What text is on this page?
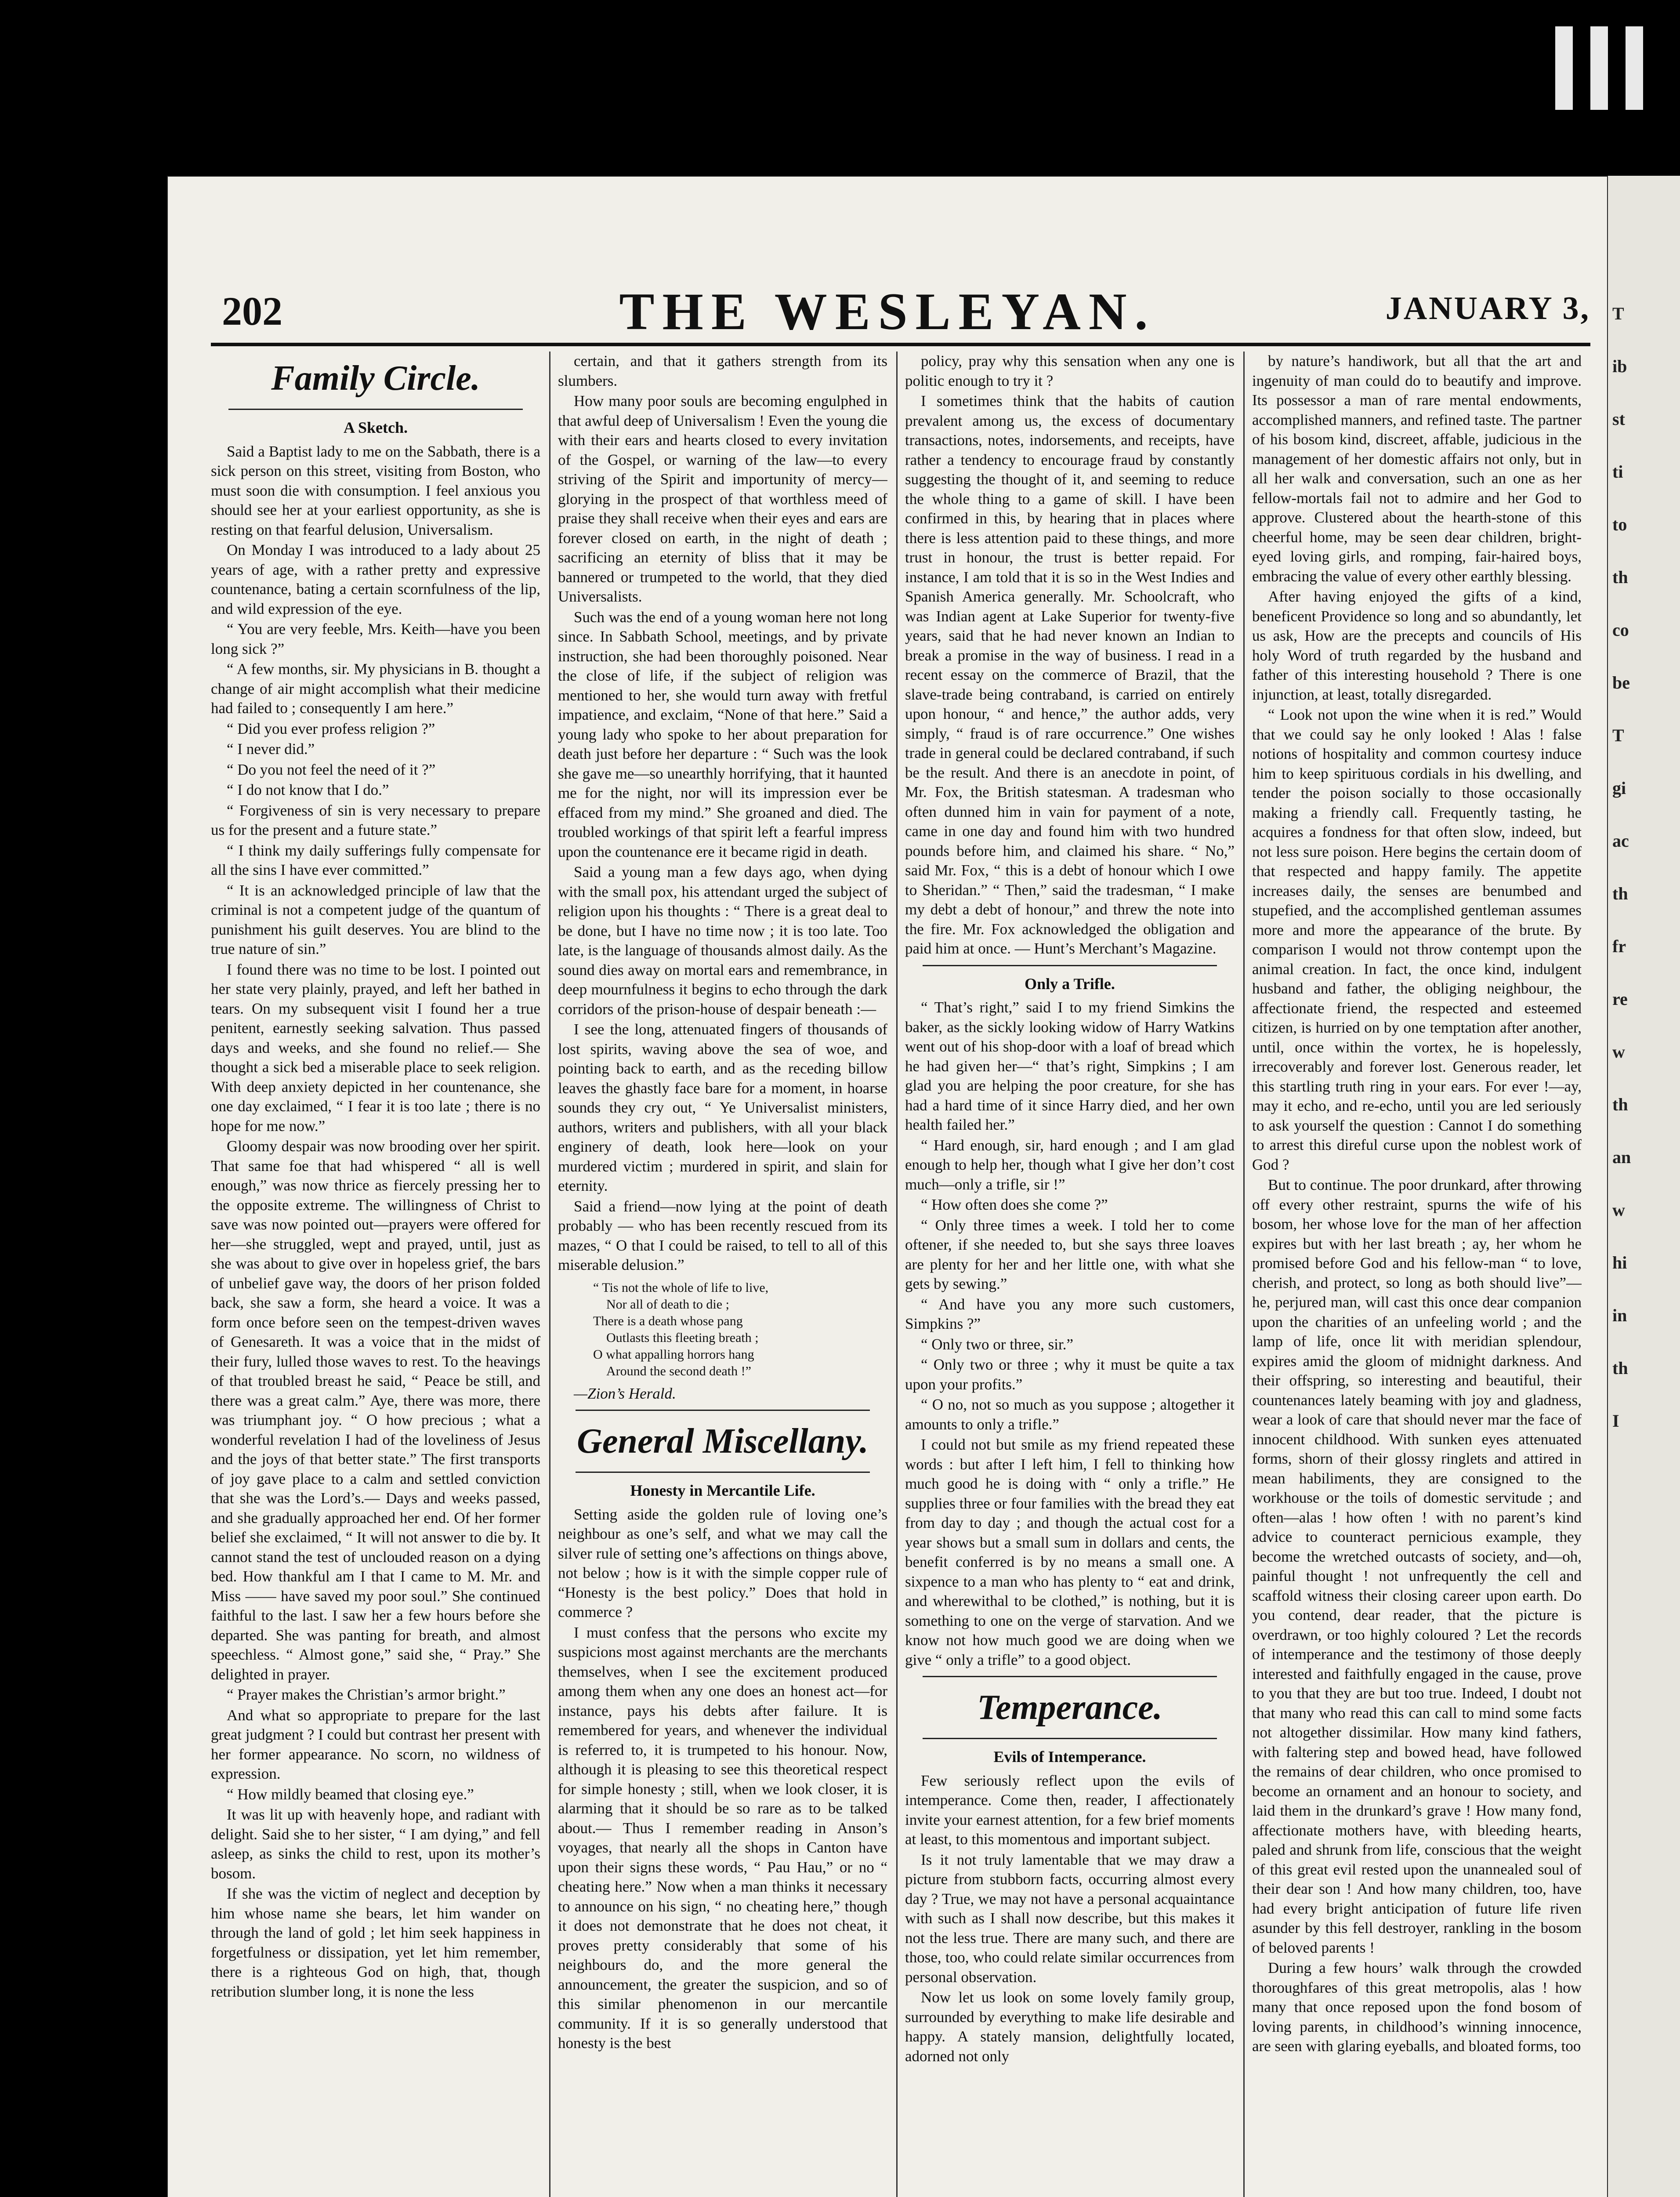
T
ib
st
ti
to
th
co
be
T
gi
ac
th
fr
re
w
th
an
w
hi
in
th
I
202	THE WESLEYAN.	JANUARY 3,
Family Circle.
A Sketch.

Said a Baptist lady to me on the Sabbath, there is a sick person on this street, visiting from Boston, who must soon die with consumption. I feel anxious you should see her at your earliest opportunity, as she is resting on that fearful delusion, Universalism.

On Monday I was introduced to a lady about 25 years of age, with a rather pretty and expressive countenance, bating a certain scornfulness of the lip, and wild expression of the eye.

“ You are very feeble, Mrs. Keith—have you been long sick ?”

“ A few months, sir. My physicians in B. thought a change of air might accomplish what their medicine had failed to ; consequently I am here.”

“ Did you ever profess religion ?”

“ I never did.”

“ Do you not feel the need of it ?”

“ I do not know that I do.”

“ Forgiveness of sin is very necessary to prepare us for the present and a future state.”

“ I think my daily sufferings fully compensate for all the sins I have ever committed.”

“ It is an acknowledged principle of law that the criminal is not a competent judge of the quantum of punishment his guilt deserves. You are blind to the true nature of sin.”

I found there was no time to be lost. I pointed out her state very plainly, prayed, and left her bathed in tears. On my subsequent visit I found her a true penitent, earnestly seeking salvation. Thus passed days and weeks, and she found no relief.— She thought a sick bed a miserable place to seek religion. With deep anxiety depicted in her countenance, she one day exclaimed, “ I fear it is too late ; there is no hope for me now.”

Gloomy despair was now brooding over her spirit. That same foe that had whispered “ all is well enough,” was now thrice as fiercely pressing her to the opposite extreme. The willingness of Christ to save was now pointed out—prayers were offered for her—she struggled, wept and prayed, until, just as she was about to give over in hopeless grief, the bars of unbelief gave way, the doors of her prison folded back, she saw a form, she heard a voice. It was a form once before seen on the tempest-driven waves of Genesareth. It was a voice that in the midst of their fury, lulled those waves to rest. To the heavings of that troubled breast he said, “ Peace be still, and there was a great calm.” Aye, there was more, there was triumphant joy. “ O how precious ; what a wonderful revelation I had of the loveliness of Jesus and the joys of that better state.” The first transports of joy gave place to a calm and settled conviction that she was the Lord’s.— Days and weeks passed, and she gradually approached her end. Of her former belief she exclaimed, “ It will not answer to die by. It cannot stand the test of unclouded reason on a dying bed. How thankful am I that I came to M. Mr. and Miss —— have saved my poor soul.” She continued faithful to the last. I saw her a few hours before she departed. She was panting for breath, and almost speechless. “ Almost gone,” said she, “ Pray.” She delighted in prayer.

“ Prayer makes the Christian’s armor bright.”

And what so appropriate to prepare for the last great judgment ? I could but contrast her present with her former appearance. No scorn, no wildness of expression.

“ How mildly beamed that closing eye.”

It was lit up with heavenly hope, and radiant with delight. Said she to her sister, “ I am dying,” and fell asleep, as sinks the child to rest, upon its mother’s bosom.

If she was the victim of neglect and deception by him whose name she bears, let him wander on through the land of gold ; let him seek happiness in forgetfulness or dissipation, yet let him remember, there is a righteous God on high, that, though retribution slumber long, it is none the less

certain, and that it gathers strength from its slumbers.

How many poor souls are becoming engulphed in that awful deep of Universalism ! Even the young die with their ears and hearts closed to every invitation of the Gospel, or warning of the law—to every striving of the Spirit and importunity of mercy—glorying in the prospect of that worthless meed of praise they shall receive when their eyes and ears are forever closed on earth, in the night of death ; sacrificing an eternity of bliss that it may be bannered or trumpeted to the world, that they died Universalists.

Such was the end of a young woman here not long since. In Sabbath School, meetings, and by private instruction, she had been thoroughly poisoned. Near the close of life, if the subject of religion was mentioned to her, she would turn away with fretful impatience, and exclaim, “None of that here.” Said a young lady who spoke to her about preparation for death just before her departure : “ Such was the look she gave me—so unearthly horrifying, that it haunted me for the night, nor will its impression ever be effaced from my mind.” She groaned and died. The troubled workings of that spirit left a fearful impress upon the countenance ere it became rigid in death.

Said a young man a few days ago, when dying with the small pox, his attendant urged the subject of religion upon his thoughts : “ There is a great deal to be done, but I have no time now ; it is too late. Too late, is the language of thousands almost daily. As the sound dies away on mortal ears and remembrance, in deep mournfulness it begins to echo through the dark corridors of the prison-house of despair beneath :—

I see the long, attenuated fingers of thousands of lost spirits, waving above the sea of woe, and pointing back to earth, and as the receding billow leaves the ghastly face bare for a moment, in hoarse sounds they cry out, “ Ye Universalist ministers, authors, writers and publishers, with all your black enginery of death, look here—look on your murdered victim ; murdered in spirit, and slain for eternity.

Said a friend—now lying at the point of death probably — who has been recently rescued from its mazes, “ O that I could be raised, to tell to all of this miserable delusion.”

“ Tis not the whole of life to live,
Nor all of death to die ;
There is a death whose pang
Outlasts this fleeting breath ;
O what appalling horrors hang
Around the second death !”
—Zion’s Herald.
General Miscellany.
Honesty in Mercantile Life.

Setting aside the golden rule of loving one’s neighbour as one’s self, and what we may call the silver rule of setting one’s affections on things above, not below ; how is it with the simple copper rule of “Honesty is the best policy.” Does that hold in commerce ?

I must confess that the persons who excite my suspicions most against merchants are the merchants themselves, when I see the excitement produced among them when any one does an honest act—for instance, pays his debts after failure. It is remembered for years, and whenever the individual is referred to, it is trumpeted to his honour. Now, although it is pleasing to see this theoretical respect for simple honesty ; still, when we look closer, it is alarming that it should be so rare as to be talked about.— Thus I remember reading in Anson’s voyages, that nearly all the shops in Canton have upon their signs these words, “ Pau Hau,” or no “ cheating here.” Now when a man thinks it necessary to announce on his sign, “ no cheating here,” though it does not demonstrate that he does not cheat, it proves pretty considerably that some of his neighbours do, and the more general the announcement, the greater the suspicion, and so of this similar phenomenon in our mercantile community. If it is so generally understood that honesty is the best

policy, pray why this sensation when any one is politic enough to try it ?

I sometimes think that the habits of caution prevalent among us, the excess of documentary transactions, notes, indorsements, and receipts, have rather a tendency to encourage fraud by constantly suggesting the thought of it, and seeming to reduce the whole thing to a game of skill. I have been confirmed in this, by hearing that in places where there is less attention paid to these things, and more trust in honour, the trust is better repaid. For instance, I am told that it is so in the West Indies and Spanish America generally. Mr. Schoolcraft, who was Indian agent at Lake Superior for twenty-five years, said that he had never known an Indian to break a promise in the way of business. I read in a recent essay on the commerce of Brazil, that the slave-trade being contraband, is carried on entirely upon honour, “ and hence,” the author adds, very simply, “ fraud is of rare occurrence.” One wishes trade in general could be declared contraband, if such be the result. And there is an anecdote in point, of Mr. Fox, the British statesman. A tradesman who often dunned him in vain for payment of a note, came in one day and found him with two hundred pounds before him, and claimed his share. “ No,” said Mr. Fox, “ this is a debt of honour which I owe to Sheridan.” “ Then,” said the tradesman, “ I make my debt a debt of honour,” and threw the note into the fire. Mr. Fox acknowledged the obligation and paid him at once. — Hunt’s Merchant’s Magazine.

Only a Trifle.

“ That’s right,” said I to my friend Simkins the baker, as the sickly looking widow of Harry Watkins went out of his shop-door with a loaf of bread which he had given her—“ that’s right, Simpkins ; I am glad you are helping the poor creature, for she has had a hard time of it since Harry died, and her own health failed her.”

“ Hard enough, sir, hard enough ; and I am glad enough to help her, though what I give her don’t cost much—only a trifle, sir !”

“ How often does she come ?”

“ Only three times a week. I told her to come oftener, if she needed to, but she says three loaves are plenty for her and her little one, with what she gets by sewing.”

“ And have you any more such customers, Simpkins ?”

“ Only two or three, sir.”

“ Only two or three ; why it must be quite a tax upon your profits.”

“ O no, not so much as you suppose ; altogether it amounts to only a trifle.”

I could not but smile as my friend repeated these words : but after I left him, I fell to thinking how much good he is doing with “ only a trifle.” He supplies three or four families with the bread they eat from day to day ; and though the actual cost for a year shows but a small sum in dollars and cents, the benefit conferred is by no means a small one. A sixpence to a man who has plenty to “ eat and drink, and wherewithal to be clothed,” is nothing, but it is something to one on the verge of starvation. And we know not how much good we are doing when we give “ only a trifle” to a good object.

Temperance.
Evils of Intemperance.

Few seriously reflect upon the evils of intemperance. Come then, reader, I affectionately invite your earnest attention, for a few brief moments at least, to this momentous and important subject.

Is it not truly lamentable that we may draw a picture from stubborn facts, occurring almost every day ? True, we may not have a personal acquaintance with such as I shall now describe, but this makes it not the less true. There are many such, and there are those, too, who could relate similar occurrences from personal observation.

Now let us look on some lovely family group, surrounded by everything to make life desirable and happy. A stately mansion, delightfully located, adorned not only

by nature’s handiwork, but all that the art and ingenuity of man could do to beautify and improve. Its possessor a man of rare mental endowments, accomplished manners, and refined taste. The partner of his bosom kind, discreet, affable, judicious in the management of her domestic affairs not only, but in all her walk and conversation, such an one as her fellow-mortals fail not to admire and her God to approve. Clustered about the hearth-stone of this cheerful home, may be seen dear children, bright-eyed loving girls, and romping, fair-haired boys, embracing the value of every other earthly blessing.

After having enjoyed the gifts of a kind, beneficent Providence so long and so abundantly, let us ask, How are the precepts and councils of His holy Word of truth regarded by the husband and father of this interesting household ? There is one injunction, at least, totally disregarded.

“ Look not upon the wine when it is red.” Would that we could say he only looked ! Alas ! false notions of hospitality and common courtesy induce him to keep spirituous cordials in his dwelling, and tender the poison socially to those occasionally making a friendly call. Frequently tasting, he acquires a fondness for that often slow, indeed, but not less sure poison. Here begins the certain doom of that respected and happy family. The appetite increases daily, the senses are benumbed and stupefied, and the accomplished gentleman assumes more and more the appearance of the brute. By comparison I would not throw contempt upon the animal creation. In fact, the once kind, indulgent husband and father, the obliging neighbour, the affectionate friend, the respected and esteemed citizen, is hurried on by one temptation after another, until, once within the vortex, he is hopelessly, irrecoverably and forever lost. Generous reader, let this startling truth ring in your ears. For ever !—ay, may it echo, and re-echo, until you are led seriously to ask yourself the question : Cannot I do something to arrest this direful curse upon the noblest work of God ?

But to continue. The poor drunkard, after throwing off every other restraint, spurns the wife of his bosom, her whose love for the man of her affection expires but with her last breath ; ay, her whom he promised before God and his fellow-man “ to love, cherish, and protect, so long as both should live”—he, perjured man, will cast this once dear companion upon the charities of an unfeeling world ; and the lamp of life, once lit with meridian splendour, expires amid the gloom of midnight darkness. And their offspring, so interesting and beautiful, their countenances lately beaming with joy and gladness, wear a look of care that should never mar the face of innocent childhood. With sunken eyes attenuated forms, shorn of their glossy ringlets and attired in mean habiliments, they are consigned to the workhouse or the toils of domestic servitude ; and often—alas ! how often ! with no parent’s kind advice to counteract pernicious example, they become the wretched outcasts of society, and—oh, painful thought ! not unfrequently the cell and scaffold witness their closing career upon earth. Do you contend, dear reader, that the picture is overdrawn, or too highly coloured ? Let the records of intemperance and the testimony of those deeply interested and faithfully engaged in the cause, prove to you that they are but too true. Indeed, I doubt not that many who read this can call to mind some facts not altogether dissimilar. How many kind fathers, with faltering step and bowed head, have followed the remains of dear children, who once promised to become an ornament and an honour to society, and laid them in the drunkard’s grave ! How many fond, affectionate mothers have, with bleeding hearts, paled and shrunk from life, conscious that the weight of this great evil rested upon the unannealed soul of their dear son ! And how many children, too, have had every bright anticipation of future life riven asunder by this fell destroyer, rankling in the bosom of beloved parents !

During a few hours’ walk through the crowded thoroughfares of this great metropolis, alas ! how many that once reposed upon the fond bosom of loving parents, in childhood’s winning innocence, are seen with glaring eyeballs, and bloated forms, too
